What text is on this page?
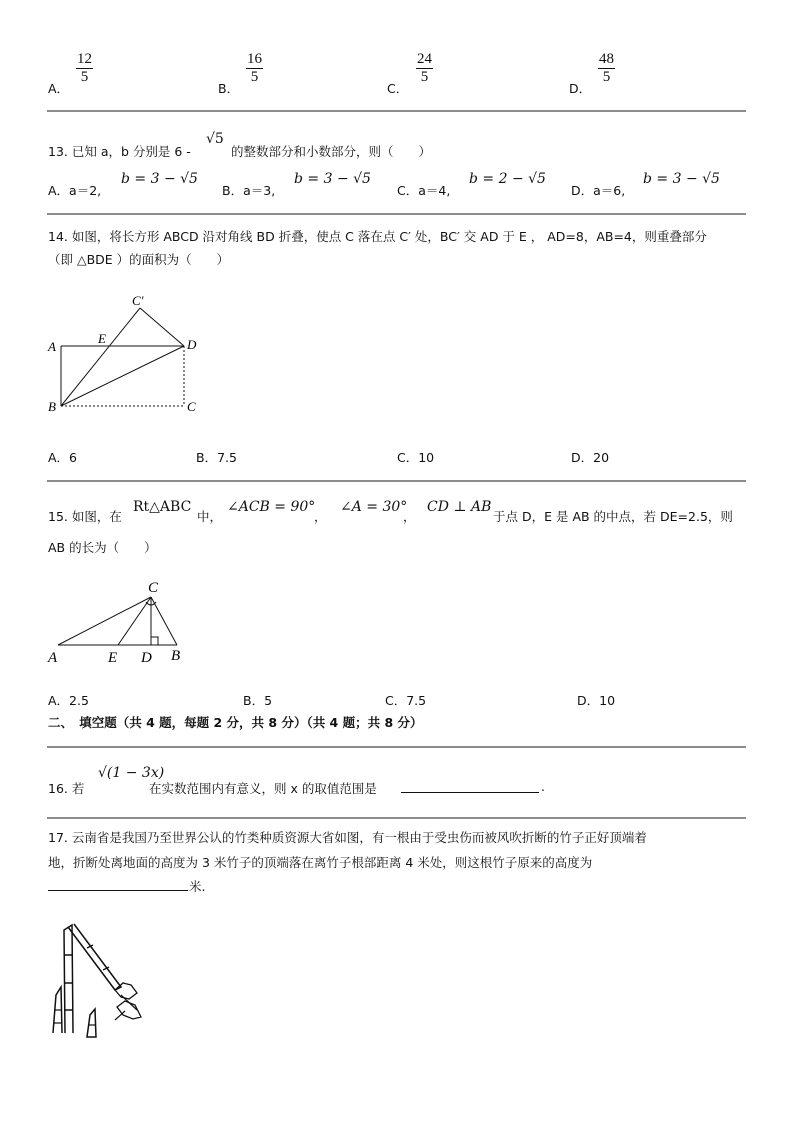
A．
$\frac{12}{5}$
B．
$\frac{16}{5}$
C．
$\frac{24}{5}$
D．
$\frac{48}{5}$
13. 已知 a，b 分别是 6 -
√5
的整数部分和小数部分，则（　　）
A．a＝2,
b = 3 − √5
B．a＝3,
b = 3 − √5
C．a＝4,
b = 2 − √5
D．a＝6,
b = 3 − √5
14. 如图，将长方形 ABCD 沿对角线 BD 折叠，使点 C 落在点 C′ 处，BC′ 交 AD 于 E ， AD=8，AB=4，则重叠部分
（即 △BDE ）的面积为（　　）
C′
A
E	D
B	C
A．6	B．7.5	C．10	D．20
15. 如图，在
Rt△ABC
中，
∠ACB = 90°
，
∠A = 30°
，
CD ⊥ AB
于点 D，E 是 AB 的中点，若 DE=2.5，则
AB 的长为（　　）
C
A	E D B
A．2.5	B．5	C．7.5	D．10
二、　填空题（共 4 题，每题 2 分，共 8 分）（共 4 题；共 8 分）
16. 若
√(1 − 3x)
在实数范围内有意义，则 x 的取值范围是	.
17. 云南省是我国乃至世界公认的竹类种质资源大省如图，有一根由于受虫伤而被风吹折断的竹子正好顶端着
地，折断处离地面的高度为 3 米竹子的顶端落在离竹子根部距离 4 米处，则这根竹子原来的高度为
米.
